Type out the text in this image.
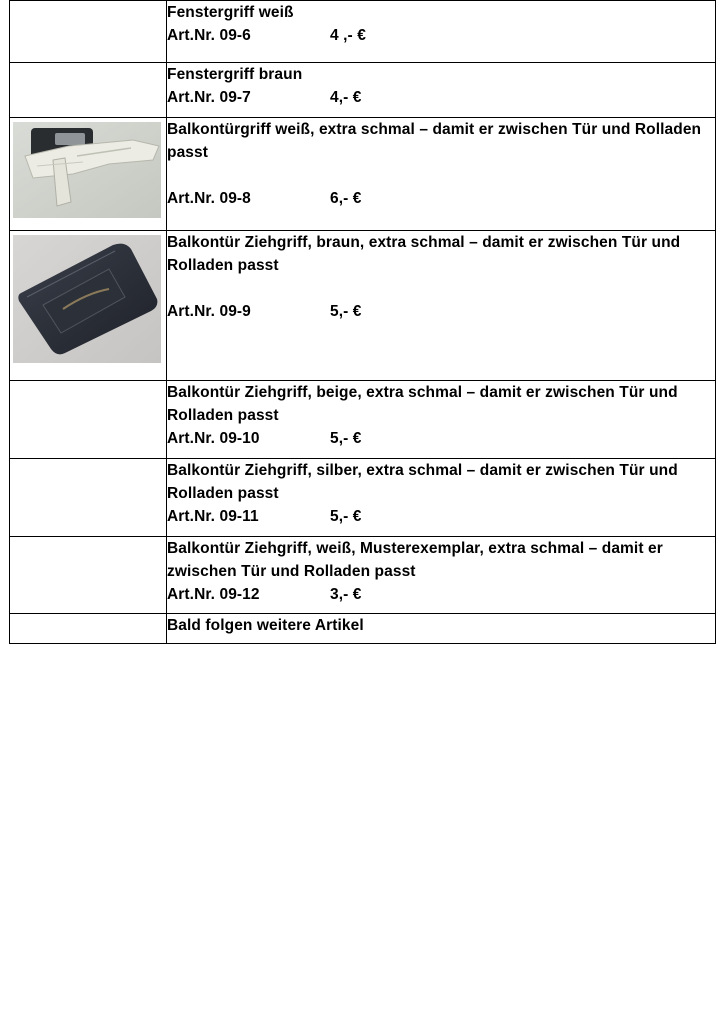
	Fenstergriff weiß
Art.Nr. 09-6 4 ,- €

	Fenstergriff braun
Art.Nr. 09-7 4,- €

Balkontürgriff weiß, extra schmal – damit er zwischen Tür und Rolladen passt
Art.Nr. 09-8 6,- €

Balkontür Ziehgriff, braun, extra schmal – damit er zwischen Tür und Rolladen passt
Art.Nr. 09-9 5,- €

	Balkontür Ziehgriff, beige, extra schmal – damit er zwischen Tür und Rolladen passt
Art.Nr. 09-10 5,- €

	Balkontür Ziehgriff, silber, extra schmal – damit er zwischen Tür und Rolladen passt
Art.Nr. 09-11 5,- €

	Balkontür Ziehgriff, weiß, Musterexemplar, extra schmal – damit er zwischen Tür und Rolladen passt
Art.Nr. 09-12 3,- €

	Bald folgen weitere Artikel
